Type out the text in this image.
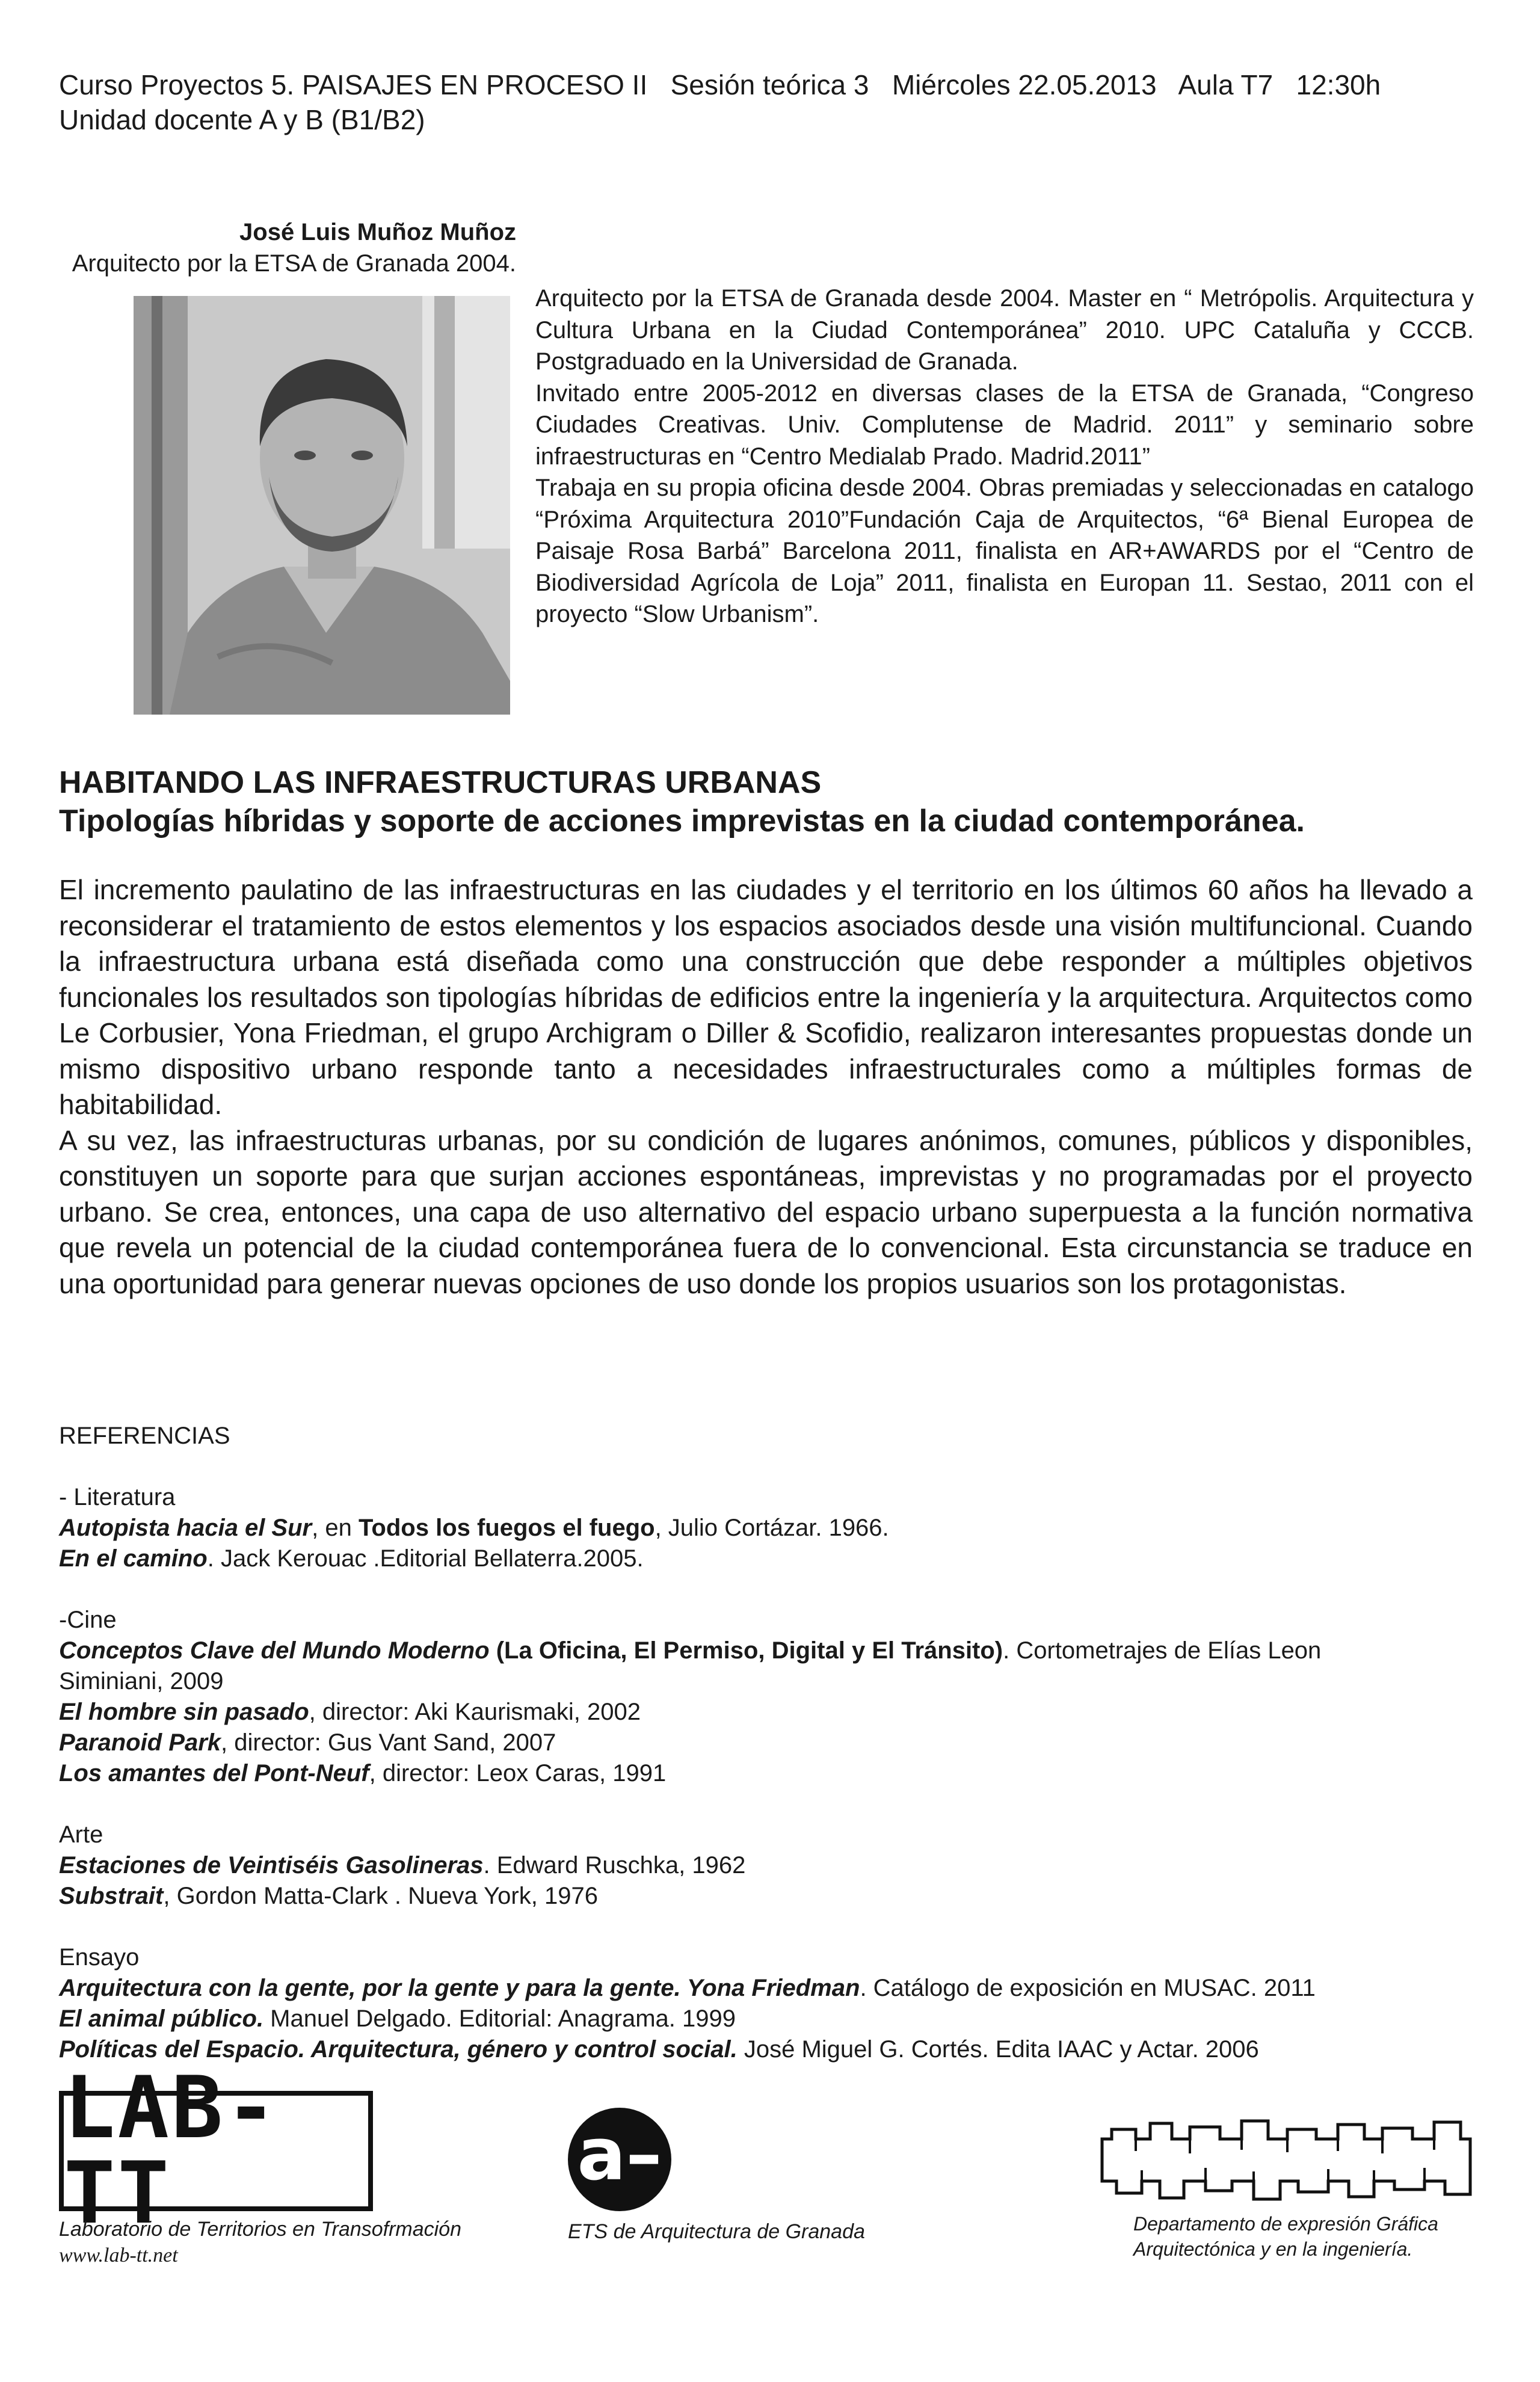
Curso Proyectos 5. PAISAJES EN PROCESO II Sesión teórica 3 Miércoles 22.05.2013 Aula T7 12:30h
Unidad docente A y B (B1/B2)
José Luis Muñoz Muñoz
Arquitecto por la ETSA de Granada 2004.

Arquitecto por la ETSA de Granada desde 2004. Master en “ Metrópolis. Arquitectura y Cultura Urbana en la Ciudad Contemporánea” 2010. UPC Cataluña y CCCB. Postgraduado en la Universidad de Granada.

Invitado entre 2005-2012 en diversas clases de la ETSA de Granada, “Congreso Ciudades Creativas. Univ. Complutense de Madrid. 2011” y seminario sobre infraestructuras en “Centro Medialab Prado. Madrid.2011”

Trabaja en su propia oficina desde 2004. Obras premiadas y seleccionadas en catalogo “Próxima Arquitectura 2010”Fundación Caja de Arquitectos, “6ª Bienal Europea de Paisaje Rosa Barbá” Barcelona 2011, finalista en AR+AWARDS por el “Centro de Biodiversidad Agrícola de Loja” 2011, finalista en Europan 11. Sestao, 2011 con el proyecto “Slow Urbanism”.

HABITANDO LAS INFRAESTRUCTURAS URBANAS
Tipologías híbridas y soporte de acciones imprevistas en la ciudad contemporánea.

El incremento paulatino de las infraestructuras en las ciudades y el territorio en los últimos 60 años ha llevado a reconsiderar el tratamiento de estos elementos y los espacios asociados desde una visión multifuncional. Cuando la infraestructura urbana está diseñada como una construcción que debe responder a múltiples objetivos funcionales los resultados son tipologías híbridas de edificios entre la ingeniería y la arquitectura. Arquitectos como Le Corbusier, Yona Friedman, el grupo Archigram o Diller & Scofidio, realizaron interesantes propuestas donde un mismo dispositivo urbano responde tanto a necesidades infraestructurales como a múltiples formas de habitabilidad.

A su vez, las infraestructuras urbanas, por su condición de lugares anónimos, comunes, públicos y disponibles, constituyen un soporte para que surjan acciones espontáneas, imprevistas y no programadas por el proyecto urbano. Se crea, entonces, una capa de uso alternativo del espacio urbano superpuesta a la función normativa que revela un potencial de la ciudad contemporánea fuera de lo convencional. Esta circunstancia se traduce en una oportunidad para generar nuevas opciones de uso donde los propios usuarios son los protagonistas.

REFERENCIAS
- Literatura
Autopista hacia el Sur, en Todos los fuegos el fuego, Julio Cortázar. 1966.
En el camino. Jack Kerouac .Editorial Bellaterra.2005.
-Cine
Conceptos Clave del Mundo Moderno (La Oficina, El Permiso, Digital y El Tránsito). Cortometrajes de Elías Leon
Siminiani, 2009
El hombre sin pasado, director: Aki Kaurismaki, 2002
Paranoid Park, director: Gus Vant Sand, 2007
Los amantes del Pont-Neuf, director: Leox Caras, 1991
Arte
Estaciones de Veintiséis Gasolineras. Edward Ruschka, 1962
Substrait, Gordon Matta-Clark . Nueva York, 1976
Ensayo
Arquitectura con la gente, por la gente y para la gente. Yona Friedman. Catálogo de exposición en MUSAC. 2011
El animal público. Manuel Delgado. Editorial: Anagrama. 1999
Políticas del Espacio. Arquitectura, género y control social. José Miguel G. Cortés. Edita IAAC y Actar. 2006
LAB-TT
Laboratorio de Territorios en Transofrmación
www.lab-tt.net
a–
ETS de Arquitectura de Granada	Departamento de expresión Gráfica
Arquitectónica y en la ingeniería.
